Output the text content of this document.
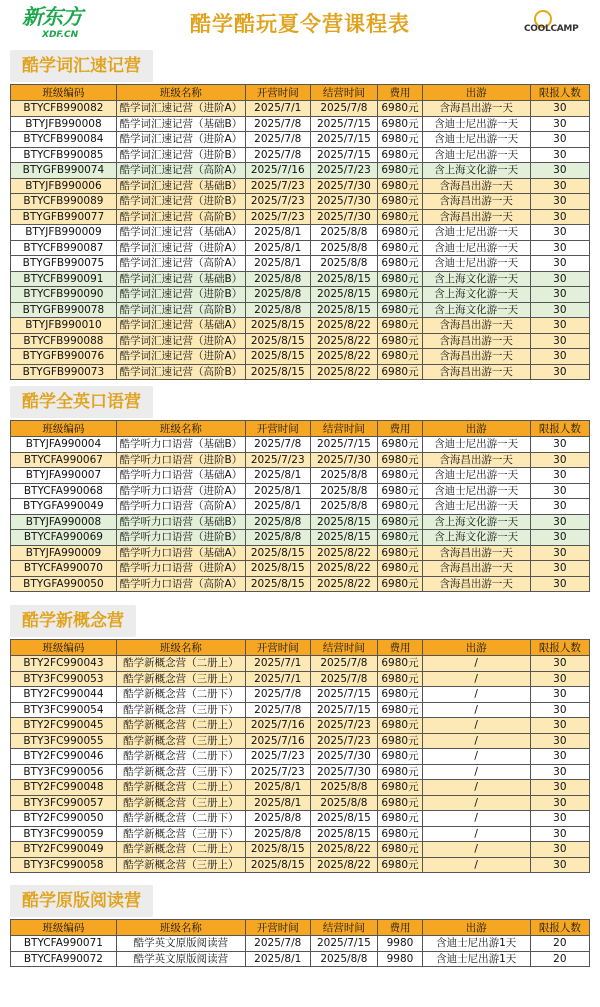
新东方
XDF.CN	酷学酷玩夏令营课程表	COOLCAMP
酷学词汇速记营
班级编码	班级名称	开营时间	结营时间	费用	出游	限报人数
BTYCFB990082	酷学词汇速记营（进阶A）	2025/7/1	2025/7/8	6980元	含海昌出游一天	30
BTYJFB990008	酷学词汇速记营（基础B）	2025/7/8	2025/7/15	6980元	含迪士尼出游一天	30
BTYCFB990084	酷学词汇速记营（进阶A）	2025/7/8	2025/7/15	6980元	含迪士尼出游一天	30
BTYCFB990085	酷学词汇速记营（进阶B）	2025/7/8	2025/7/15	6980元	含迪士尼出游一天	30
BTYGFB990074	酷学词汇速记营（高阶A）	2025/7/16	2025/7/23	6980元	含上海文化游一天	30
BTYJFB990006	酷学词汇速记营（基础B）	2025/7/23	2025/7/30	6980元	含海昌出游一天	30
BTYCFB990089	酷学词汇速记营（进阶B）	2025/7/23	2025/7/30	6980元	含海昌出游一天	30
BTYGFB990077	酷学词汇速记营（高阶B）	2025/7/23	2025/7/30	6980元	含海昌出游一天	30
BTYJFB990009	酷学词汇速记营（基础A）	2025/8/1	2025/8/8	6980元	含迪士尼出游一天	30
BTYCFB990087	酷学词汇速记营（进阶A）	2025/8/1	2025/8/8	6980元	含迪士尼出游一天	30
BTYGFB990075	酷学词汇速记营（高阶A）	2025/8/1	2025/8/8	6980元	含迪士尼出游一天	30
BTYCFB990091	酷学词汇速记营（基础B）	2025/8/8	2025/8/15	6980元	含上海文化游一天	30
BTYCFB990090	酷学词汇速记营（进阶B）	2025/8/8	2025/8/15	6980元	含上海文化游一天	30
BTYGFB990078	酷学词汇速记营（高阶B）	2025/8/8	2025/8/15	6980元	含上海文化游一天	30
BTYJFB990010	酷学词汇速记营（基础A）	2025/8/15	2025/8/22	6980元	含海昌出游一天	30
BTYCFB990088	酷学词汇速记营（进阶A）	2025/8/15	2025/8/22	6980元	含海昌出游一天	30
BTYGFB990076	酷学词汇速记营（进阶A）	2025/8/15	2025/8/22	6980元	含海昌出游一天	30
BTYGFB990073	酷学词汇速记营（高阶B）	2025/8/15	2025/8/22	6980元	含海昌出游一天	30
酷学全英口语营
班级编码	班级名称	开营时间	结营时间	费用	出游	限报人数
BTYJFA990004	酷学听力口语营（基础B）	2025/7/8	2025/7/15	6980元	含迪士尼出游一天	30
BTYCFA990067	酷学听力口语营（进阶B）	2025/7/23	2025/7/30	6980元	含海昌出游一天	30
BTYJFA990007	酷学听力口语营（基础A）	2025/8/1	2025/8/8	6980元	含迪士尼出游一天	30
BTYCFA990068	酷学听力口语营（进阶A）	2025/8/1	2025/8/8	6980元	含迪士尼出游一天	30
BTYGFA990049	酷学听力口语营（高阶A）	2025/8/1	2025/8/8	6980元	含迪士尼出游一天	30
BTYJFA990008	酷学听力口语营（基础B）	2025/8/8	2025/8/15	6980元	含上海文化游一天	30
BTYCFA990069	酷学听力口语营（进阶B）	2025/8/8	2025/8/15	6980元	含上海文化游一天	30
BTYJFA990009	酷学听力口语营（基础A）	2025/8/15	2025/8/22	6980元	含海昌出游一天	30
BTYCFA990070	酷学听力口语营（进阶A）	2025/8/15	2025/8/22	6980元	含海昌出游一天	30
BTYGFA990050	酷学听力口语营（高阶A）	2025/8/15	2025/8/22	6980元	含海昌出游一天	30
酷学新概念营
班级编码	班级名称	开营时间	结营时间	费用	出游	限报人数
BTY2FC990043	酷学新概念营（二册上）	2025/7/1	2025/7/8	6980元	/	30
BTY3FC990053	酷学新概念营（三册上）	2025/7/1	2025/7/8	6980元	/	30
BTY2FC990044	酷学新概念营（二册下）	2025/7/8	2025/7/15	6980元	/	30
BTY3FC990054	酷学新概念营（三册下）	2025/7/8	2025/7/15	6980元	/	30
BTY2FC990045	酷学新概念营（二册上）	2025/7/16	2025/7/23	6980元	/	30
BTY3FC990055	酷学新概念营（三册上）	2025/7/16	2025/7/23	6980元	/	30
BTY2FC990046	酷学新概念营（二册下）	2025/7/23	2025/7/30	6980元	/	30
BTY3FC990056	酷学新概念营（三册下）	2025/7/23	2025/7/30	6980元	/	30
BTY2FC990048	酷学新概念营（二册上）	2025/8/1	2025/8/8	6980元	/	30
BTY3FC990057	酷学新概念营（三册上）	2025/8/1	2025/8/8	6980元	/	30
BTY2FC990050	酷学新概念营（二册下）	2025/8/8	2025/8/15	6980元	/	30
BTY3FC990059	酷学新概念营（三册下）	2025/8/8	2025/8/15	6980元	/	30
BTY2FC990049	酷学新概念营（二册上）	2025/8/15	2025/8/22	6980元	/	30
BTY3FC990058	酷学新概念营（三册上）	2025/8/15	2025/8/22	6980元	/	30
酷学原版阅读营
班级编码	班级名称	开营时间	结营时间	费用	出游	限报人数
BTYCFA990071	酷学英文原版阅读营	2025/7/8	2025/7/15	9980	含迪士尼出游1天	20
BTYCFA990072	酷学英文原版阅读营	2025/8/1	2025/8/8	9980	含迪士尼出游1天	20
